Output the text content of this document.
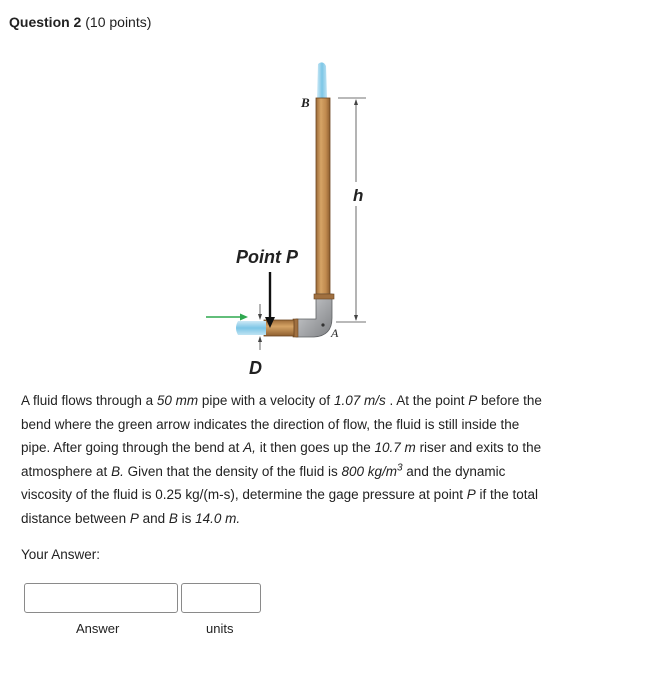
Question 2 (10 points)
B
h
Point P
A
D
A fluid flows through a 50 mm pipe with a velocity of 1.07 m/s . At the point P before the bend where the green arrow indicates the direction of flow, the fluid is still inside the pipe. After going through the bend at A, it then goes up the 10.7 m riser and exits to the atmosphere at B. Given that the density of the fluid is 800 $kg/m^3$ and the dynamic viscosity of the fluid is 0.25 kg/(m-s), determine the gage pressure at point P if the total distance between P and B is 14.0 m.
Your Answer:
Answer	units
